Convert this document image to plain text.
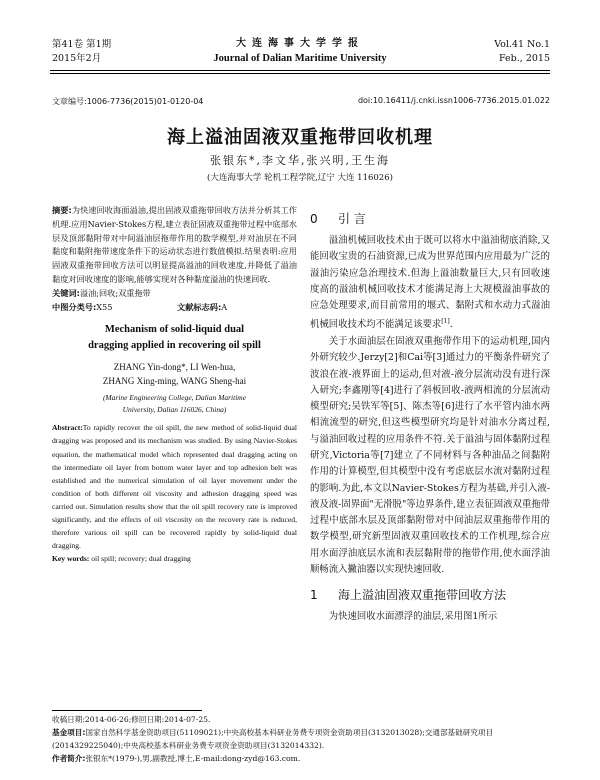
第41卷 第1期
2015年2月
大连海事大学学报
Journal of Dalian Maritime University
Vol.41 No.1
Feb., 2015
文章编号:1006-7736(2015)01-0120-04	doi:10.16411/j.cnki.issn1006-7736.2015.01.022
海上溢油固液双重拖带回收机理
张银东*,李文华,张兴明,王生海
(大连海事大学 轮机工程学院,辽宁 大连 116026)
摘要:为快速回收海面溢油,提出固液双重拖带回收方法并分析其工作机理.应用Navier-Stokes方程,建立表征固液双重拖带过程中底部水层及顶部黏附带对中间溢油层拖带作用的数学模型,并对油层在不同黏度和黏附拖带速度条件下的运动状态进行数值模拟.结果表明:应用固液双重拖带回收方法可以明显提高溢油的回收速度,并降低了溢油黏度对回收速度的影响,能够实现对各种黏度溢油的快速回收.
关键词:溢油;回收;双重拖带
中图分类号:X55	文献标志码:A
Mechanism of solid-liquid dual
dragging applied in recovering oil spill
ZHANG Yin-dong*, LI Wen-hua,
ZHANG Xing-ming, WANG Sheng-hai
(Marine Engineering College, Dalian Maritime
University, Dalian 116026, China)
Abstract:To rapidly recover the oil spill, the new method of solid-liquid dual dragging was proposed and its mechanism was studied. By using Navier-Stokes equation, the mathematical model which represented dual dragging acting on the intermediate oil layer from bottom water layer and top adhesion belt was established and the numerical simulation of oil layer movement under the condition of both different oil viscosity and adhesion dragging speed was carried out. Simulation results show that the oil spill recovery rate is improved significantly, and the effects of oil viscosity on the recovery rate is reduced, therefore various oil spill can be recovered rapidly by solid-liquid dual dragging.
Key words: oil spill; recovery; dual dragging
0 引 言
溢油机械回收技术由于既可以将水中溢油彻底消除,又能回收宝贵的石油资源,已成为世界范围内应用最为广泛的溢油污染应急治理技术.但海上溢油数量巨大,只有回收速度高的溢油机械回收技术才能满足海上大规模溢油事故的应急处理要求,而目前常用的堰式、黏附式和水动力式溢油机械回收技术均不能满足该要求[1].
关于水面油层在固液双重拖带作用下的运动机理,国内外研究较少.Jerzy[2]和Cai等[3]通过力的平衡条件研究了波浪在液-液界面上的运动,但对液-液分层流动没有进行深入研究;李鑫刚等[4]进行了斜板回收-液两相流的分层流动模型研究;吴铁军等[5]、陈杰等[6]进行了水平管内油水两相流流型的研究,但这些模型研究均是针对油水分离过程,与溢油回收过程的应用条件不符.关于溢油与固体黏附过程研究,Victoria等[7]建立了不同材料与各种油品之间黏附作用的计算模型,但其模型中没有考虑底层水流对黏附过程的影响.为此,本文以Navier-Stokes方程为基础,并引入液-液及液-固界面"无滑脱"等边界条件,建立表征固液双重拖带过程中底部水层及顶部黏附带对中间油层双重拖带作用的数学模型,研究新型固液双重回收技术的工作机理,综合应用水面浮油底层水流和表层黏附带的拖带作用,使水面浮油顺畅流入撇油器以实现快速回收.
1 海上溢油固液双重拖带回收方法
为快速回收水面漂浮的油层,采用图1所示
收稿日期:2014-06-26;修回日期:2014-07-25.
基金项目:国家自然科学基金资助项目(51109021);中央高校基本科研业务费专项资金资助项目(3132013028);交通部基础研究项目(2014329225040);中央高校基本科研业务费专项资金资助项目(3132014332).
作者简介:张银东*(1979-),男,副教授,博士,E-mail:dong-zyd@163.com.
